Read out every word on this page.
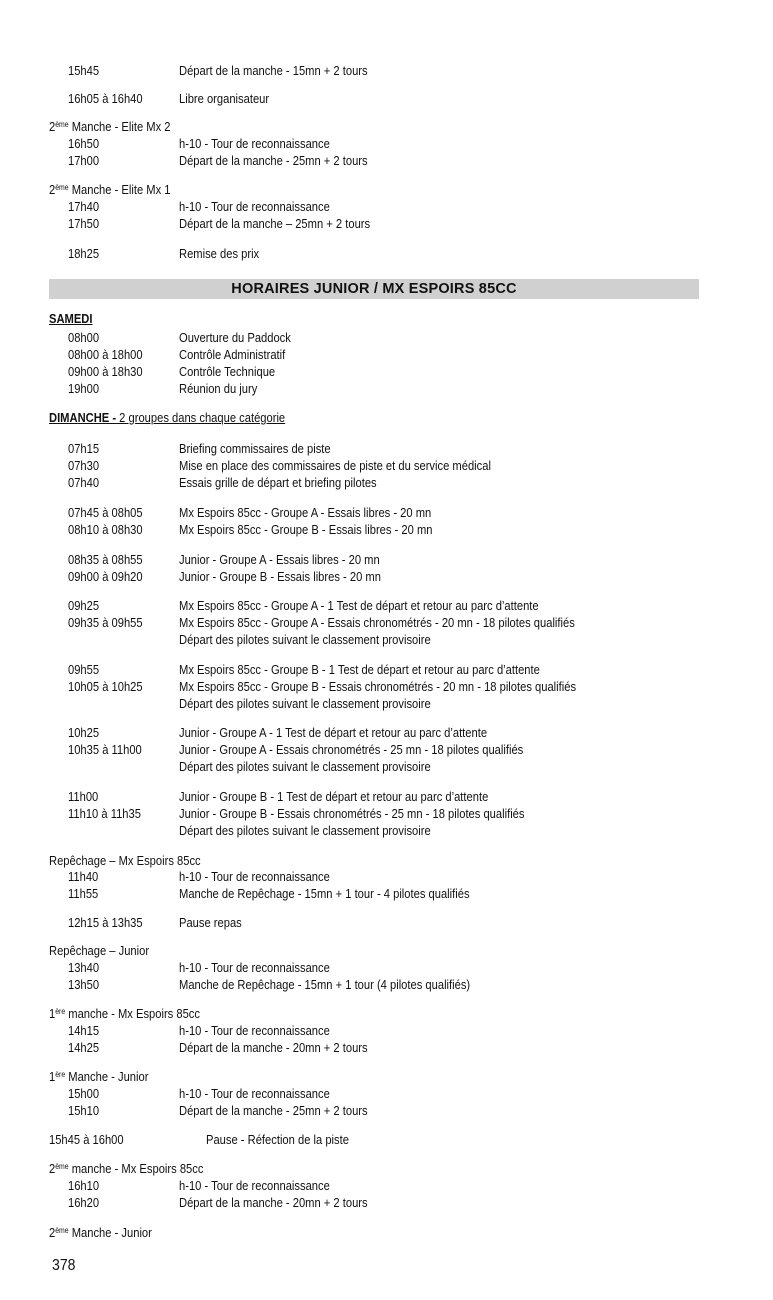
15h45	Départ de la manche - 15mn + 2 tours
16h05 à 16h40	Libre organisateur
2ème Manche - Elite Mx 2
16h50	h-10 - Tour de reconnaissance
17h00	Départ de la manche - 25mn + 2 tours
2ème Manche - Elite Mx 1
17h40	h-10 - Tour de reconnaissance
17h50	Départ de la manche – 25mn + 2 tours
18h25	Remise des prix
HORAIRES JUNIOR / MX ESPOIRS 85CC
SAMEDI
08h00	Ouverture du Paddock
08h00 à 18h00	Contrôle Administratif
09h00 à 18h30	Contrôle Technique
19h00	Réunion du jury
DIMANCHE - 2 groupes dans chaque catégorie
07h15	Briefing commissaires de piste
07h30	Mise en place des commissaires de piste et du service médical
07h40	Essais grille de départ et briefing pilotes
07h45 à 08h05	Mx Espoirs 85cc - Groupe A - Essais libres - 20 mn
08h10 à 08h30	Mx Espoirs 85cc - Groupe B - Essais libres - 20 mn
08h35 à 08h55	Junior - Groupe A - Essais libres - 20 mn
09h00 à 09h20	Junior - Groupe B - Essais libres - 20 mn
09h25	Mx Espoirs 85cc - Groupe A - 1 Test de départ et retour au parc d’attente
09h35 à 09h55	Mx Espoirs 85cc - Groupe A - Essais chronométrés - 20 mn - 18 pilotes qualifiés
Départ des pilotes suivant le classement provisoire
09h55	Mx Espoirs 85cc - Groupe B - 1 Test de départ et retour au parc d’attente
10h05 à 10h25	Mx Espoirs 85cc - Groupe B - Essais chronométrés - 20 mn - 18 pilotes qualifiés
Départ des pilotes suivant le classement provisoire
10h25	Junior - Groupe A - 1 Test de départ et retour au parc d’attente
10h35 à 11h00	Junior - Groupe A - Essais chronométrés - 25 mn - 18 pilotes qualifiés
Départ des pilotes suivant le classement provisoire
11h00	Junior - Groupe B - 1 Test de départ et retour au parc d’attente
11h10 à 11h35	Junior - Groupe B - Essais chronométrés - 25 mn - 18 pilotes qualifiés
Départ des pilotes suivant le classement provisoire
Repêchage – Mx Espoirs 85cc
11h40	h-10 - Tour de reconnaissance
11h55	Manche de Repêchage - 15mn + 1 tour - 4 pilotes qualifiés
12h15 à 13h35	Pause repas
Repêchage – Junior
13h40	h-10 - Tour de reconnaissance
13h50	Manche de Repêchage - 15mn + 1 tour (4 pilotes qualifiés)
1ère manche - Mx Espoirs 85cc
14h15	h-10 - Tour de reconnaissance
14h25	Départ de la manche - 20mn + 2 tours
1ère Manche - Junior
15h00	h-10 - Tour de reconnaissance
15h10	Départ de la manche - 25mn + 2 tours
15h45 à 16h00	Pause - Réfection de la piste
2ème manche - Mx Espoirs 85cc
16h10	h-10 - Tour de reconnaissance
16h20	Départ de la manche - 20mn + 2 tours
2ème Manche - Junior
378
